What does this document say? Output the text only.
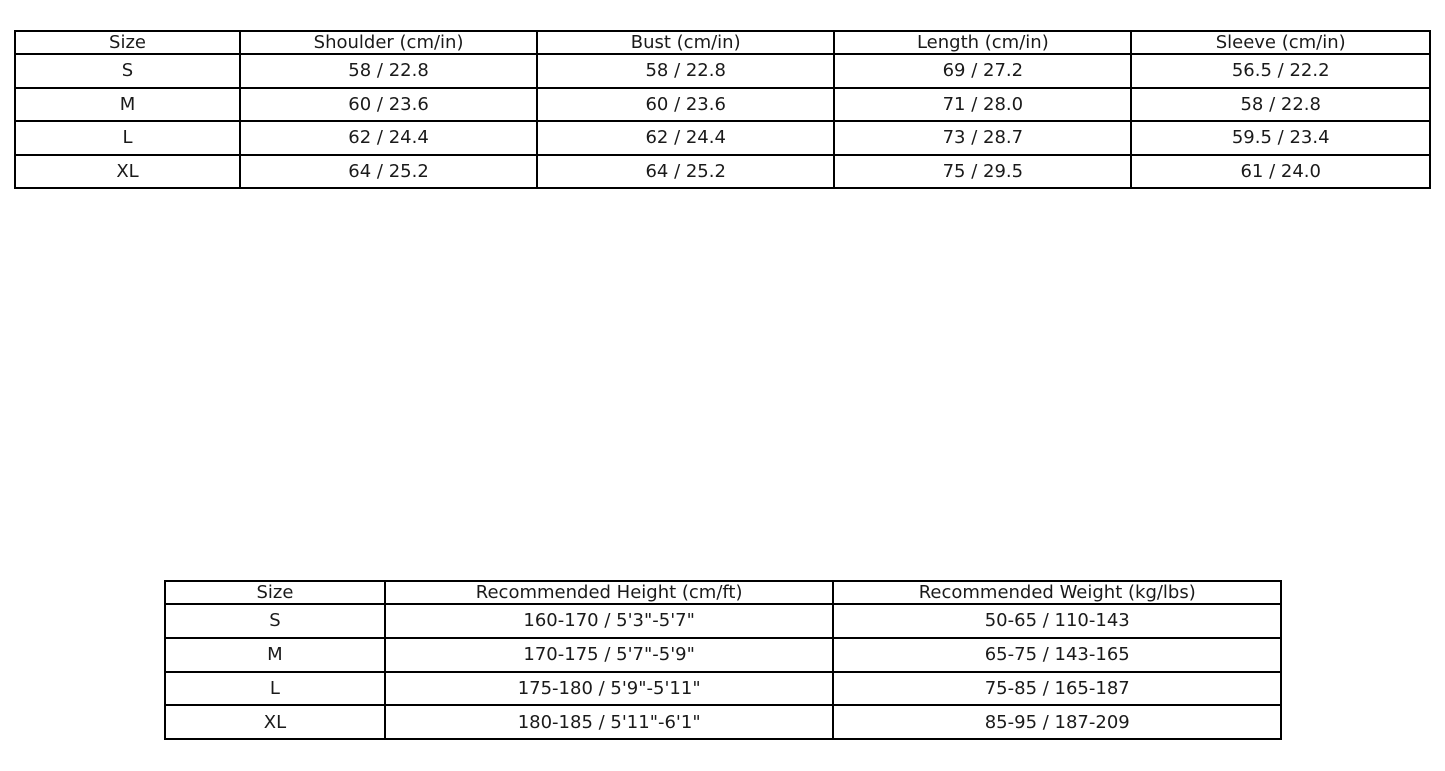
Size	Shoulder (cm/in)	Bust (cm/in)	Length (cm/in)	Sleeve (cm/in)
S	58 / 22.8	58 / 22.8	69 / 27.2	56.5 / 22.2
M	60 / 23.6	60 / 23.6	71 / 28.0	58 / 22.8
L	62 / 24.4	62 / 24.4	73 / 28.7	59.5 / 23.4
XL	64 / 25.2	64 / 25.2	75 / 29.5	61 / 24.0
Size	Recommended Height (cm/ft)	Recommended Weight (kg/lbs)
S	160-170 / 5'3"-5'7"	50-65 / 110-143
M	170-175 / 5'7"-5'9"	65-75 / 143-165
L	175-180 / 5'9"-5'11"	75-85 / 165-187
XL	180-185 / 5'11"-6'1"	85-95 / 187-209
